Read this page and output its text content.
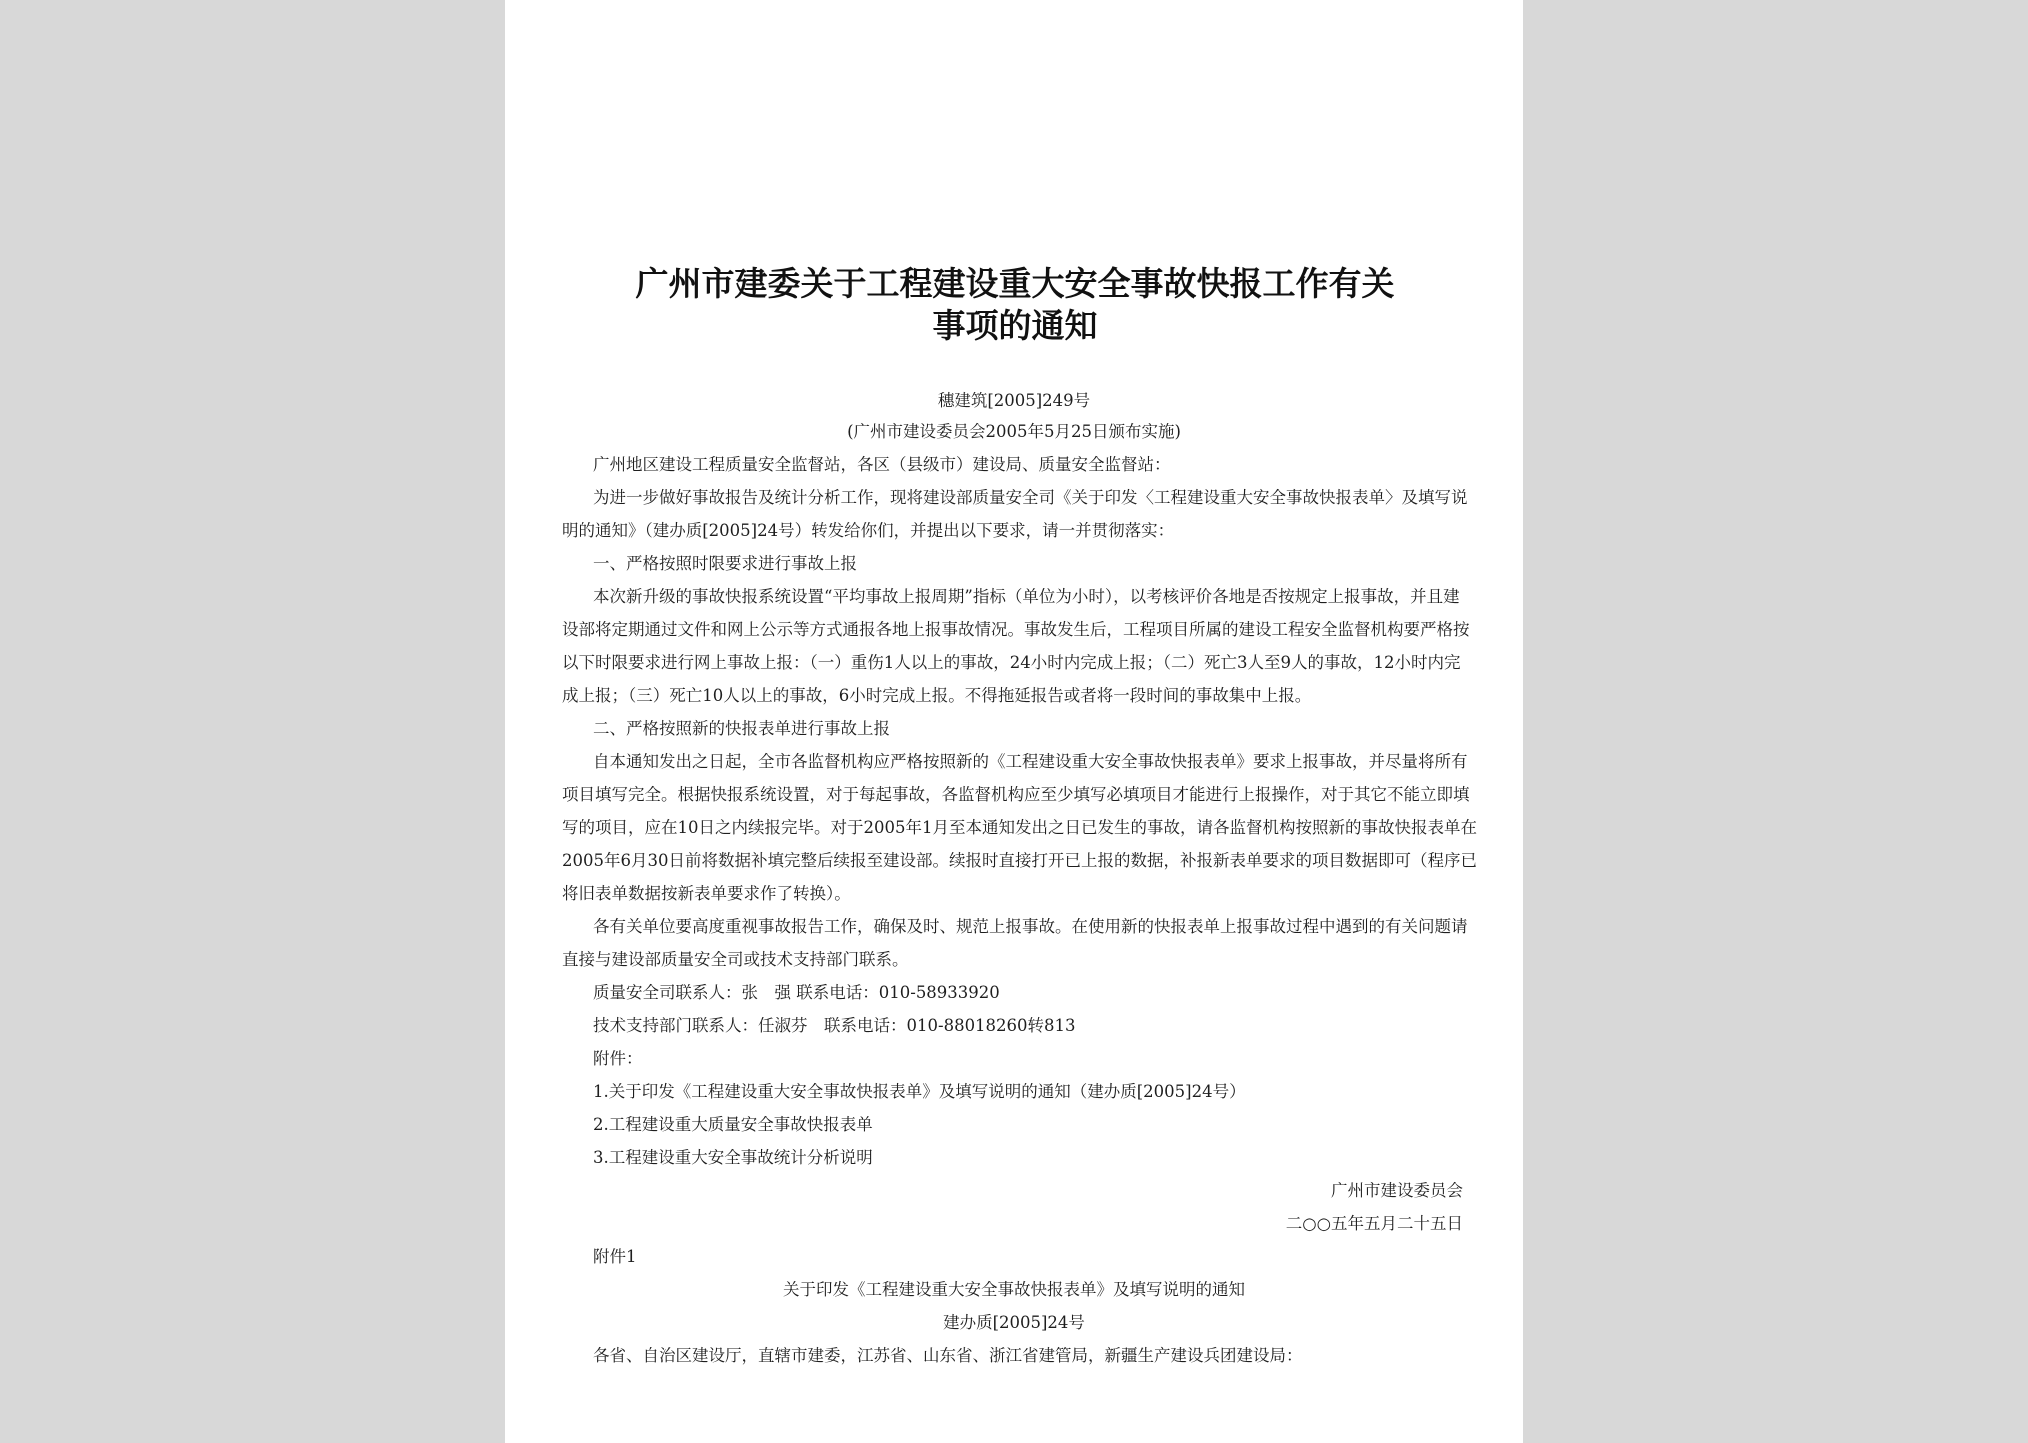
广州市建委关于工程建设重大安全事故快报工作有关
事项的通知
穗建筑[2005]249号
(广州市建设委员会2005年5月25日颁布实施)
广州地区建设工程质量安全监督站，各区（县级市）建设局、质量安全监督站：
为进一步做好事故报告及统计分析工作，现将建设部质量安全司《关于印发〈工程建设重大安全事故快报表单〉及填写说
明的通知》（建办质[2005]24号）转发给你们，并提出以下要求，请一并贯彻落实：
一、严格按照时限要求进行事故上报
本次新升级的事故快报系统设置“平均事故上报周期”指标（单位为小时），以考核评价各地是否按规定上报事故，并且建
设部将定期通过文件和网上公示等方式通报各地上报事故情况。事故发生后，工程项目所属的建设工程安全监督机构要严格按
以下时限要求进行网上事故上报：（一）重伤1人以上的事故，24小时内完成上报；（二）死亡3人至9人的事故，12小时内完
成上报；（三）死亡10人以上的事故，6小时完成上报。不得拖延报告或者将一段时间的事故集中上报。
二、严格按照新的快报表单进行事故上报
自本通知发出之日起，全市各监督机构应严格按照新的《工程建设重大安全事故快报表单》要求上报事故，并尽量将所有
项目填写完全。根据快报系统设置，对于每起事故，各监督机构应至少填写必填项目才能进行上报操作，对于其它不能立即填
写的项目，应在10日之内续报完毕。对于2005年1月至本通知发出之日已发生的事故，请各监督机构按照新的事故快报表单在
2005年6月30日前将数据补填完整后续报至建设部。续报时直接打开已上报的数据，补报新表单要求的项目数据即可（程序已
将旧表单数据按新表单要求作了转换）。
各有关单位要高度重视事故报告工作，确保及时、规范上报事故。在使用新的快报表单上报事故过程中遇到的有关问题请
直接与建设部质量安全司或技术支持部门联系。
质量安全司联系人：张　强 联系电话：010-58933920
技术支持部门联系人：任淑芬　联系电话：010-88018260转813
附件：
1.关于印发《工程建设重大安全事故快报表单》及填写说明的通知（建办质[2005]24号）
2.工程建设重大质量安全事故快报表单
3.工程建设重大安全事故统计分析说明
广州市建设委员会
二○○五年五月二十五日
附件1
关于印发《工程建设重大安全事故快报表单》及填写说明的通知
建办质[2005]24号
各省、自治区建设厅，直辖市建委，江苏省、山东省、浙江省建管局，新疆生产建设兵团建设局：
